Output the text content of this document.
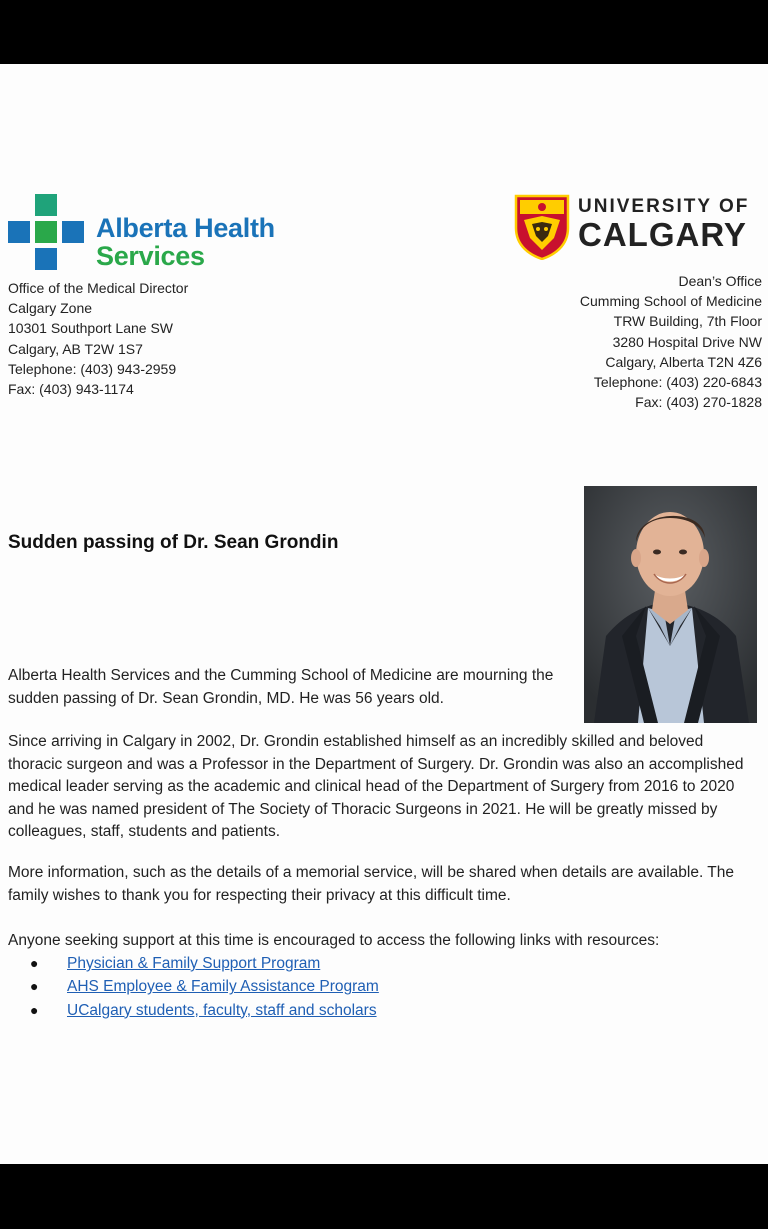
Alberta Health
Services
Office of the Medical Director
Calgary Zone
10301 Southport Lane SW
Calgary, AB T2W 1S7
Telephone: (403) 943-2959
Fax: (403) 943-1174
UNIVERSITY OF
CALGARY
Dean’s Office
Cumming School of Medicine
TRW Building, 7th Floor
3280 Hospital Drive NW
Calgary, Alberta T2N 4Z6
Telephone: (403) 220-6843
Fax: (403) 270-1828
Sudden passing of Dr. Sean Grondin
Alberta Health Services and the Cumming School of Medicine are mourning the sudden passing of Dr. Sean Grondin, MD. He was 56 years old.
Since arriving in Calgary in 2002, Dr. Grondin established himself as an incredibly skilled and beloved thoracic surgeon and was a Professor in the Department of Surgery. Dr. Grondin was also an accomplished medical leader serving as the academic and clinical head of the Department of Surgery from 2016 to 2020 and he was named president of The Society of Thoracic Surgeons in 2021. He will be greatly missed by colleagues, staff, students and patients.
More information, such as the details of a memorial service, will be shared when details are available. The family wishes to thank you for respecting their privacy at this difficult time.
Anyone seeking support at this time is encouraged to access the following links with resources:
● Physician & Family Support Program
● AHS Employee & Family Assistance Program
● UCalgary students, faculty, staff and scholars
